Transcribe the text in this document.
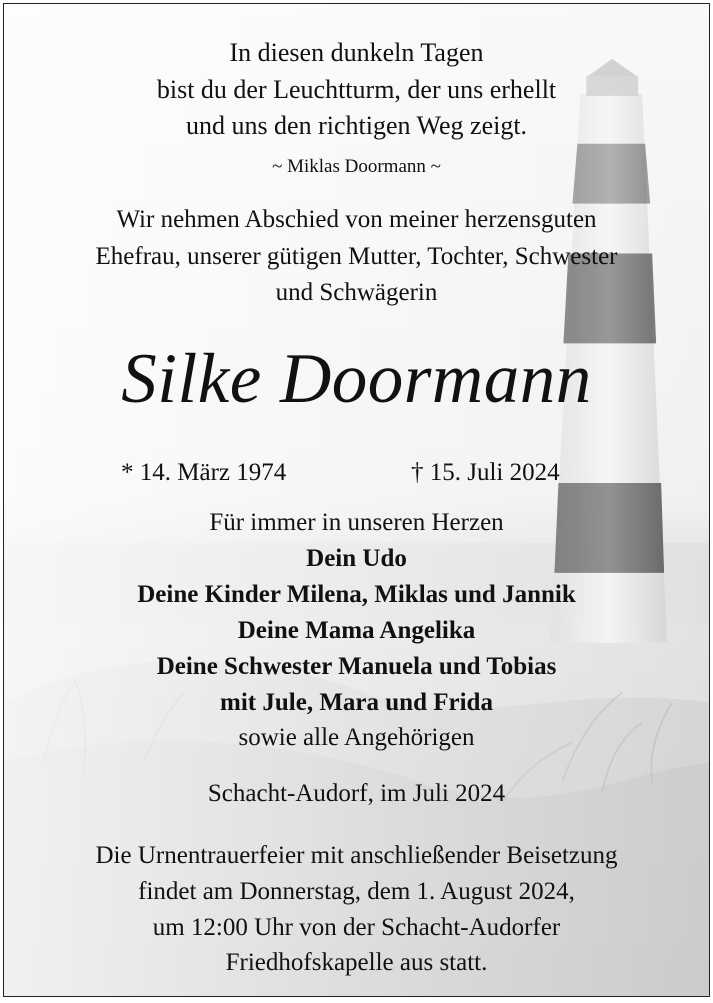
In diesen dunkeln Tagen
bist du der Leuchtturm, der uns erhellt
und uns den richtigen Weg zeigt.
~ Miklas Doormann ~
Wir nehmen Abschied von meiner herzensguten
Ehefrau, unserer gütigen Mutter, Tochter, Schwester
und Schwägerin
Silke Doormann
* 14. März 1974	† 15. Juli 2024
Für immer in unseren Herzen
Dein Udo
Deine Kinder Milena, Miklas und Jannik
Deine Mama Angelika
Deine Schwester Manuela und Tobias
mit Jule, Mara und Frida
sowie alle Angehörigen
Schacht-Audorf, im Juli 2024
Die Urnentrauerfeier mit anschließender Beisetzung
findet am Donnerstag, dem 1. August 2024,
um 12:00 Uhr von der Schacht-Audorfer
Friedhofskapelle aus statt.
